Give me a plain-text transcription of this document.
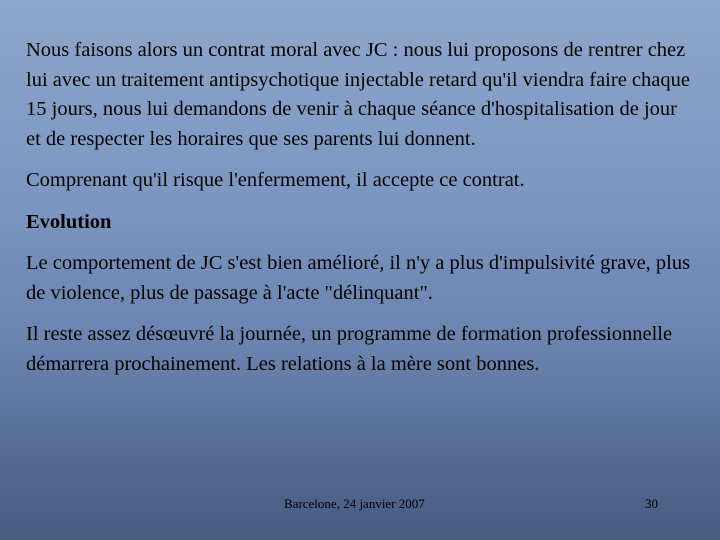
Nous faisons alors un contrat moral avec JC : nous lui proposons de rentrer chez lui avec un traitement antipsychotique injectable retard qu'il viendra faire chaque 15 jours, nous lui demandons de venir à chaque séance d'hospitalisation de jour et de respecter les horaires que ses parents lui donnent.

Comprenant qu'il risque l'enfermement, il accepte ce contrat.

Evolution

Le comportement de JC s'est bien amélioré, il n'y a plus d'impulsivité grave, plus de violence, plus de passage à l'acte "délinquant".

Il reste assez désœuvré la journée, un programme de formation professionnelle démarrera prochainement. Les relations à la mère sont bonnes.

Barcelone, 24 janvier 2007	30
